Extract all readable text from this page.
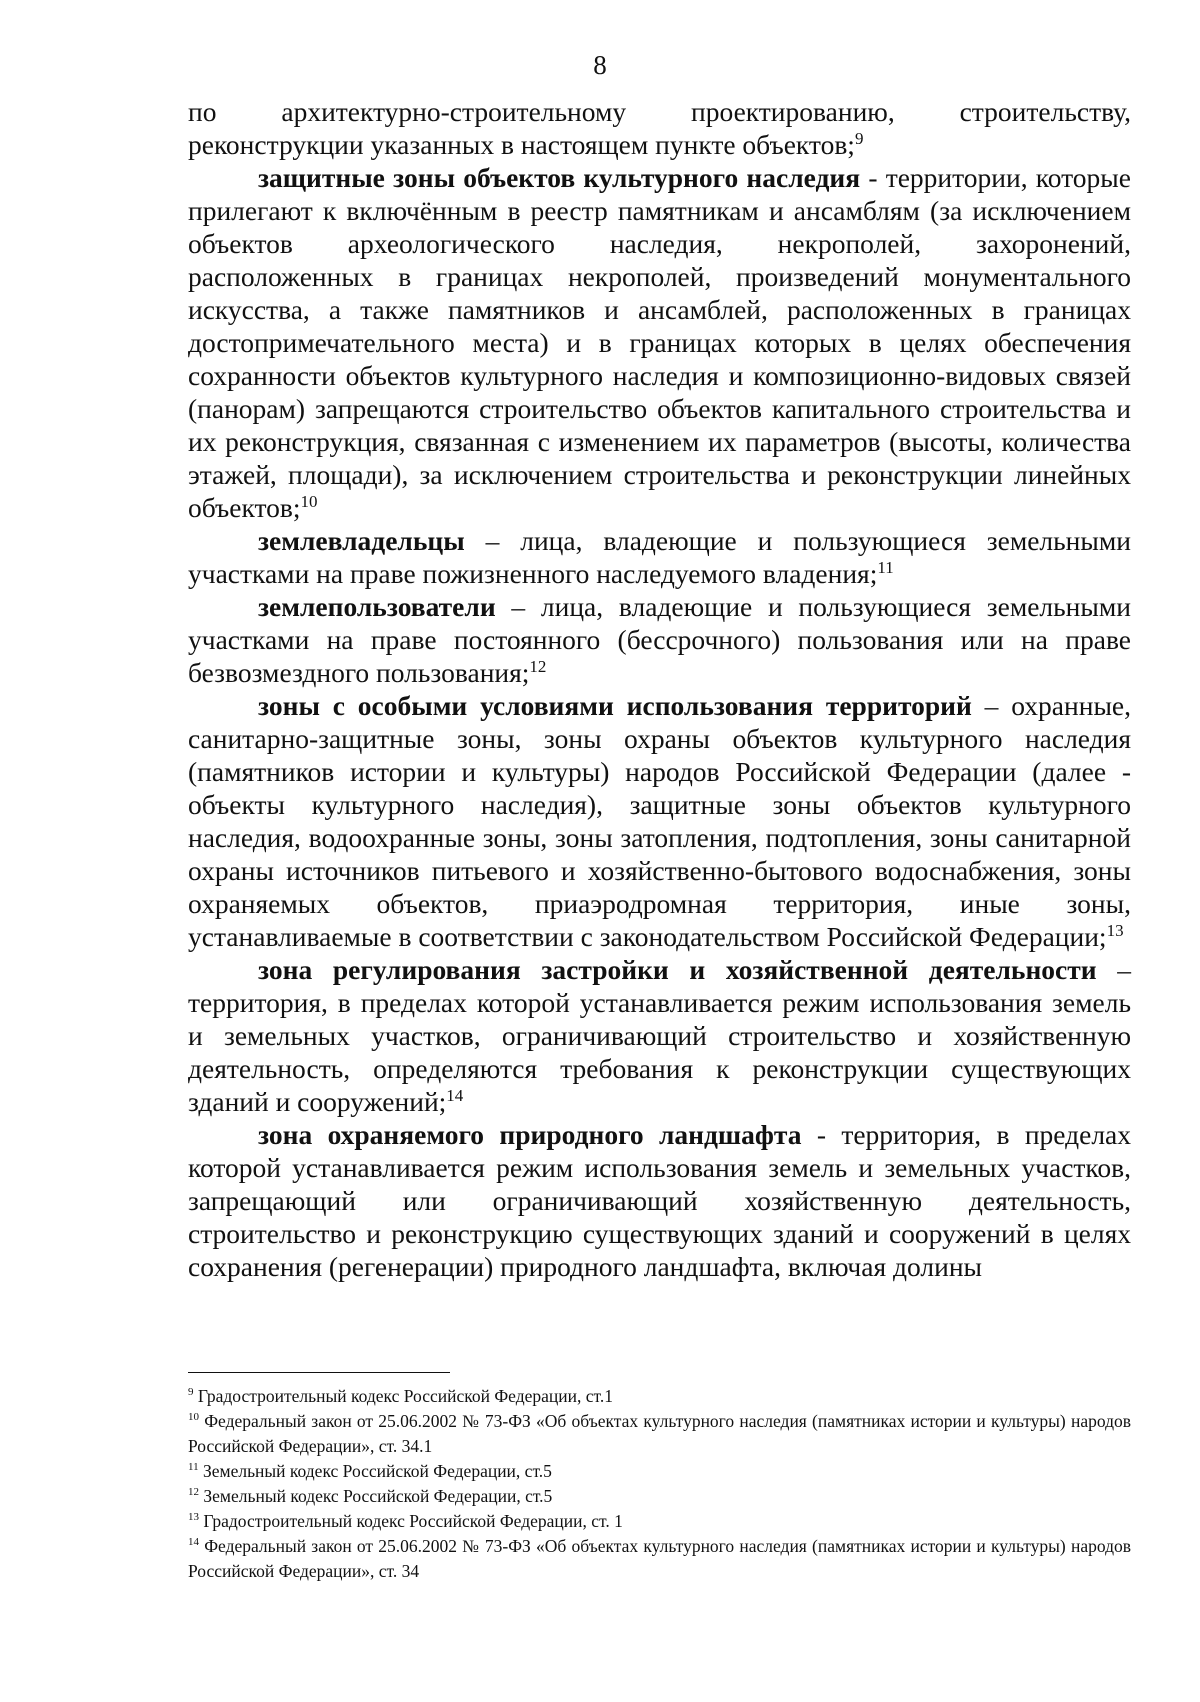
8

по архитектурно-строительному проектированию, строительству, реконструкции указанных в настоящем пункте объектов;$^9$

защитные зоны объектов культурного наследия - территории, которые прилегают к включённым в реестр памятникам и ансамблям (за исключением объектов археологического наследия, некрополей, захоронений, расположенных в границах некрополей, произведений монументального искусства, а также памятников и ансамблей, расположенных в границах достопримечательного места) и в границах которых в целях обеспечения сохранности объектов культурного наследия и композиционно-видовых связей (панорам) запрещаются строительство объектов капитального строительства и их реконструкция, связанная с изменением их параметров (высоты, количества этажей, площади), за исключением строительства и реконструкции линейных объектов;$^{10}$

землевладельцы – лица, владеющие и пользующиеся земельными участками на праве пожизненного наследуемого владения;$^{11}$

землепользователи – лица, владеющие и пользующиеся земельными участками на праве постоянного (бессрочного) пользования или на праве безвозмездного пользования;$^{12}$

зоны с особыми условиями использования территорий – охранные, санитарно-защитные зоны, зоны охраны объектов культурного наследия (памятников истории и культуры) народов Российской Федерации (далее - объекты культурного наследия), защитные зоны объектов культурного наследия, водоохранные зоны, зоны затопления, подтопления, зоны санитарной охраны источников питьевого и хозяйственно-бытового водоснабжения, зоны охраняемых объектов, приаэродромная территория, иные зоны, устанавливаемые в соответствии с законодательством Российской Федерации;$^{13}$

зона регулирования застройки и хозяйственной деятельности – территория, в пределах которой устанавливается режим использования земель и земельных участков, ограничивающий строительство и хозяйственную деятельность, определяются требования к реконструкции существующих зданий и сооружений;$^{14}$

зона охраняемого природного ландшафта - территория, в пределах которой устанавливается режим использования земель и земельных участков, запрещающий или ограничивающий хозяйственную деятельность, строительство и реконструкцию существующих зданий и сооружений в целях сохранения (регенерации) природного ландшафта, включая долины

$^9$ Градостроительный кодекс Российской Федерации, ст.1

$^{10}$ Федеральный закон от 25.06.2002 № 73-ФЗ «Об объектах культурного наследия (памятниках истории и культуры) народов Российской Федерации», ст. 34.1

$^{11}$ Земельный кодекс Российской Федерации, ст.5

$^{12}$ Земельный кодекс Российской Федерации, ст.5

$^{13}$ Градостроительный кодекс Российской Федерации, ст. 1

$^{14}$ Федеральный закон от 25.06.2002 № 73-ФЗ «Об объектах культурного наследия (памятниках истории и культуры) народов Российской Федерации», ст. 34
